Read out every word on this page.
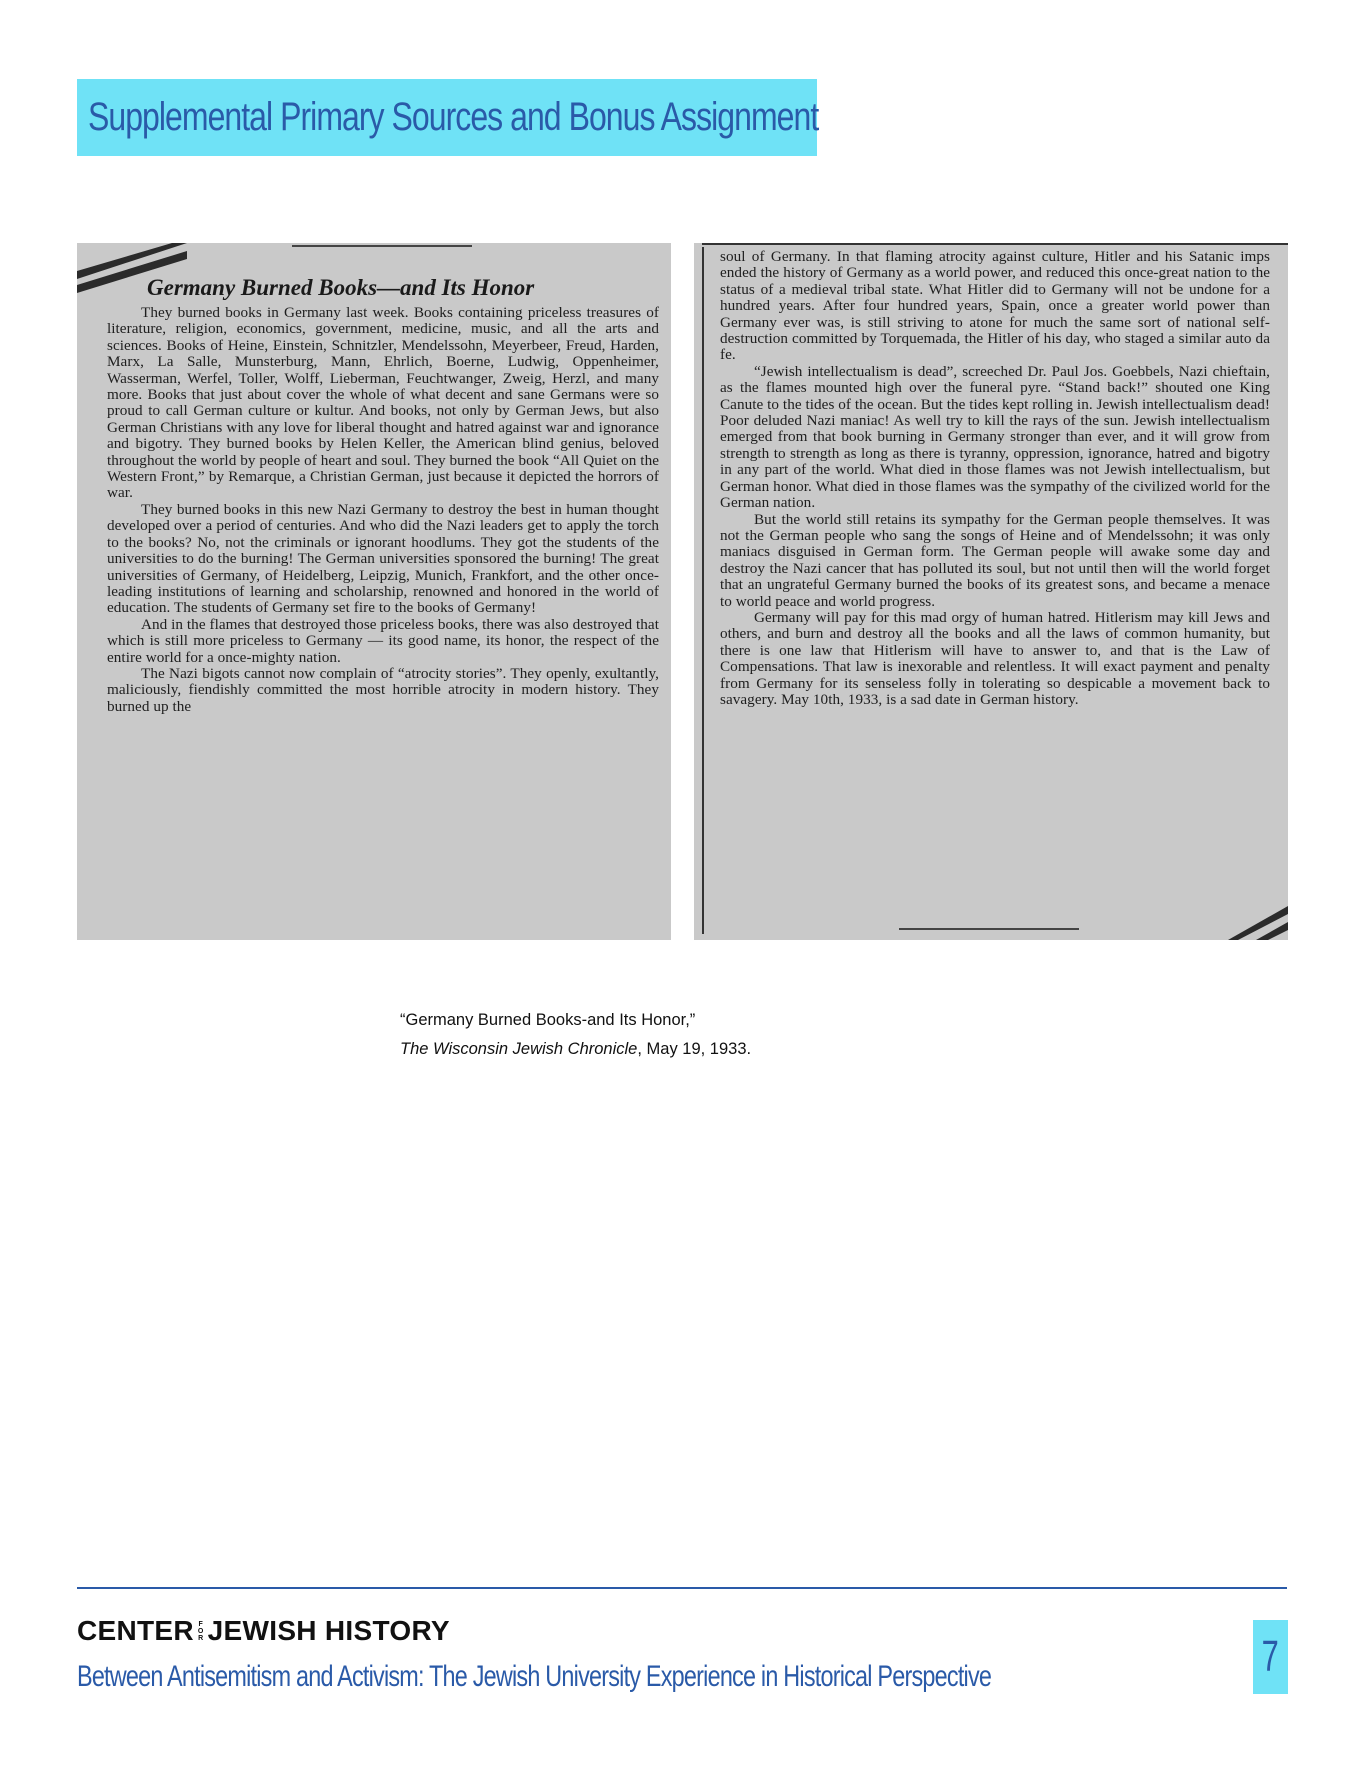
Supplemental Primary Sources and Bonus Assignment
Germany Burned Books—and Its Honor

They burned books in Germany last week. Books containing priceless treasures of literature, religion, economics, government, medicine, music, and all the arts and sciences. Books of Heine, Einstein, Schnitzler, Mendelssohn, Meyerbeer, Freud, Harden, Marx, La Salle, Munsterburg, Mann, Ehrlich, Boerne, Ludwig, Oppenheimer, Wasserman, Werfel, Toller, Wolff, Lieberman, Feuchtwanger, Zweig, Herzl, and many more. Books that just about cover the whole of what decent and sane Germans were so proud to call German culture or kultur. And books, not only by German Jews, but also German Christians with any love for liberal thought and hatred against war and ignorance and bigotry. They burned books by Helen Keller, the American blind genius, beloved throughout the world by people of heart and soul. They burned the book “All Quiet on the Western Front,” by Remarque, a Christian German, just because it depicted the horrors of war.

They burned books in this new Nazi Germany to destroy the best in human thought developed over a period of centuries. And who did the Nazi leaders get to apply the torch to the books? No, not the criminals or ignorant hoodlums. They got the students of the universities to do the burning! The German universities sponsored the burning! The great universities of Germany, of Heidelberg, Leipzig, Munich, Frankfort, and the other once-leading institutions of learning and scholarship, renowned and honored in the world of education. The students of Germany set fire to the books of Germany!

And in the flames that destroyed those priceless books, there was also destroyed that which is still more priceless to Germany — its good name, its honor, the respect of the entire world for a once-mighty nation.

The Nazi bigots cannot now complain of “atrocity stories”. They openly, exultantly, maliciously, fiendishly committed the most horrible atrocity in modern history. They burned up the

soul of Germany. In that flaming atrocity against culture, Hitler and his Satanic imps ended the history of Germany as a world power, and reduced this once-great nation to the status of a medieval tribal state. What Hitler did to Germany will not be undone for a hundred years. After four hundred years, Spain, once a greater world power than Germany ever was, is still striving to atone for much the same sort of national self-destruction committed by Torquemada, the Hitler of his day, who staged a similar auto da fe.

“Jewish intellectualism is dead”, screeched Dr. Paul Jos. Goebbels, Nazi chieftain, as the flames mounted high over the funeral pyre. “Stand back!” shouted one King Canute to the tides of the ocean. But the tides kept rolling in. Jewish intellectualism dead! Poor deluded Nazi maniac! As well try to kill the rays of the sun. Jewish intellectualism emerged from that book burning in Germany stronger than ever, and it will grow from strength to strength as long as there is tyranny, oppression, ignorance, hatred and bigotry in any part of the world. What died in those flames was not Jewish intellectualism, but German honor. What died in those flames was the sympathy of the civilized world for the German nation.

But the world still retains its sympathy for the German people themselves. It was not the German people who sang the songs of Heine and of Mendelssohn; it was only maniacs disguised in German form. The German people will awake some day and destroy the Nazi cancer that has polluted its soul, but not until then will the world forget that an ungrateful Germany burned the books of its greatest sons, and became a menace to world peace and world progress.

Germany will pay for this mad orgy of human hatred. Hitlerism may kill Jews and others, and burn and destroy all the books and all the laws of common humanity, but there is one law that Hitlerism will have to answer to, and that is the Law of Compensations. That law is inexorable and relentless. It will exact payment and penalty from Germany for its senseless folly in tolerating so despicable a movement back to savagery. May 10th, 1933, is a sad date in German history.

“Germany Burned Books-and Its Honor,”
The Wisconsin Jewish Chronicle, May 19, 1933.
CENTER F
O
R JEWISH HISTORY
Between Antisemitism and Activism: The Jewish University Experience in Historical Perspective	7
